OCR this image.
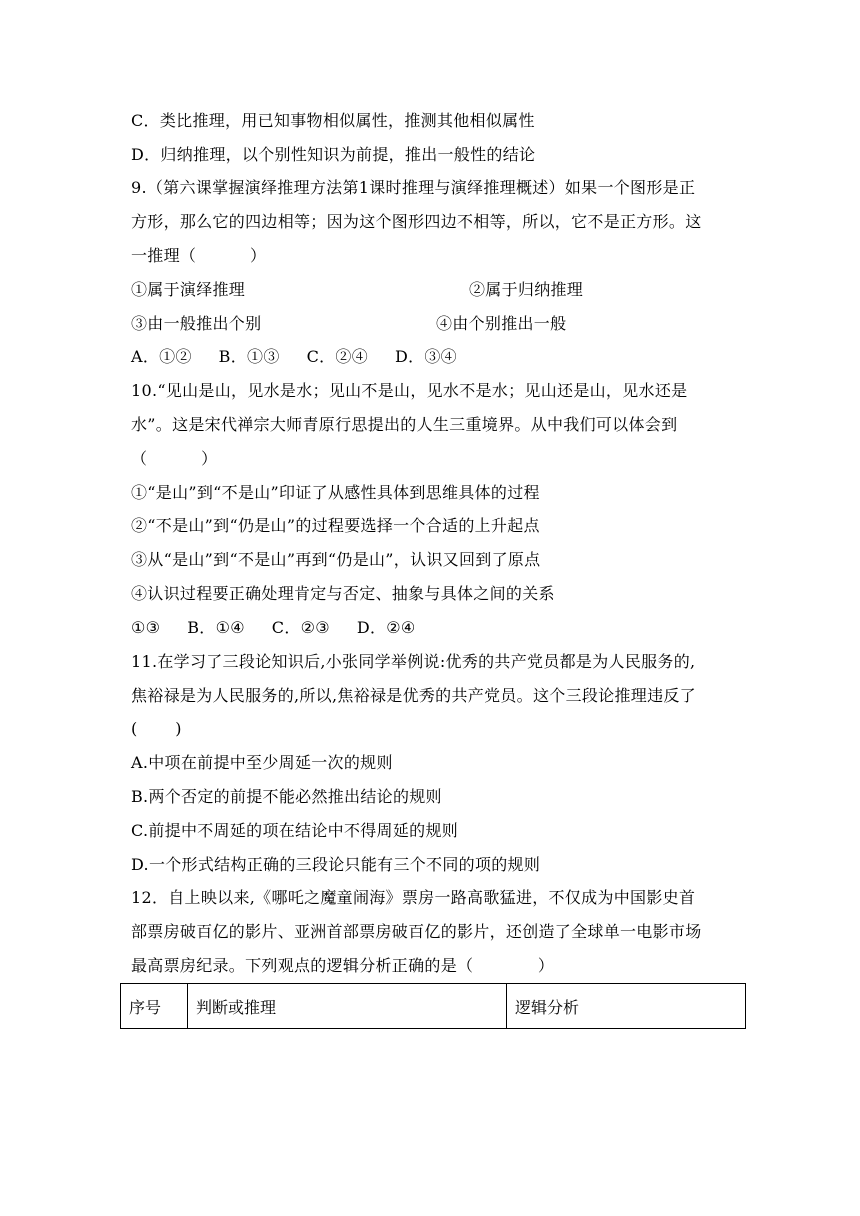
C．类比推理，用已知事物相似属性，推测其他相似属性
D．归纳推理，以个别性知识为前提，推出一般性的结论
9.（第六课掌握演绎推理方法第1课时推理与演绎推理概述）如果一个图形是正
方形，那么它的四边相等；因为这个图形四边不相等，所以，它不是正方形。这
一推理（          ）
①属于演绎推理	②属于归纳推理
③由一般推出个别	④由个别推出一般
A．①②     B．①③     C．②④     D．③④
10.“见山是山，见水是水；见山不是山，见水不是水；见山还是山，见水还是
水”。这是宋代禅宗大师青原行思提出的人生三重境界。从中我们可以体会到
（          ）
①“是山”到“不是山”印证了从感性具体到思维具体的过程
②“不是山”到“仍是山”的过程要选择一个合适的上升起点
③从“是山”到“不是山”再到“仍是山”，认识又回到了原点
④认识过程要正确处理肯定与否定、抽象与具体之间的关系
①③     B．①④     C．②③     D．②④
11.在学习了三段论知识后,小张同学举例说:优秀的共产党员都是为人民服务的,
焦裕禄是为人民服务的,所以,焦裕禄是优秀的共产党员。这个三段论推理违反了
(       )
A.中项在前提中至少周延一次的规则
B.两个否定的前提不能必然推出结论的规则
C.前提中不周延的项在结论中不得周延的规则
D.一个形式结构正确的三段论只能有三个不同的项的规则
12．自上映以来,《哪吒之魔童闹海》票房一路高歌猛进，不仅成为中国影史首
部票房破百亿的影片、亚洲首部票房破百亿的影片，还创造了全球单一电影市场
最高票房纪录。下列观点的逻辑分析正确的是（            ）
序号	判断或推理	逻辑分析
